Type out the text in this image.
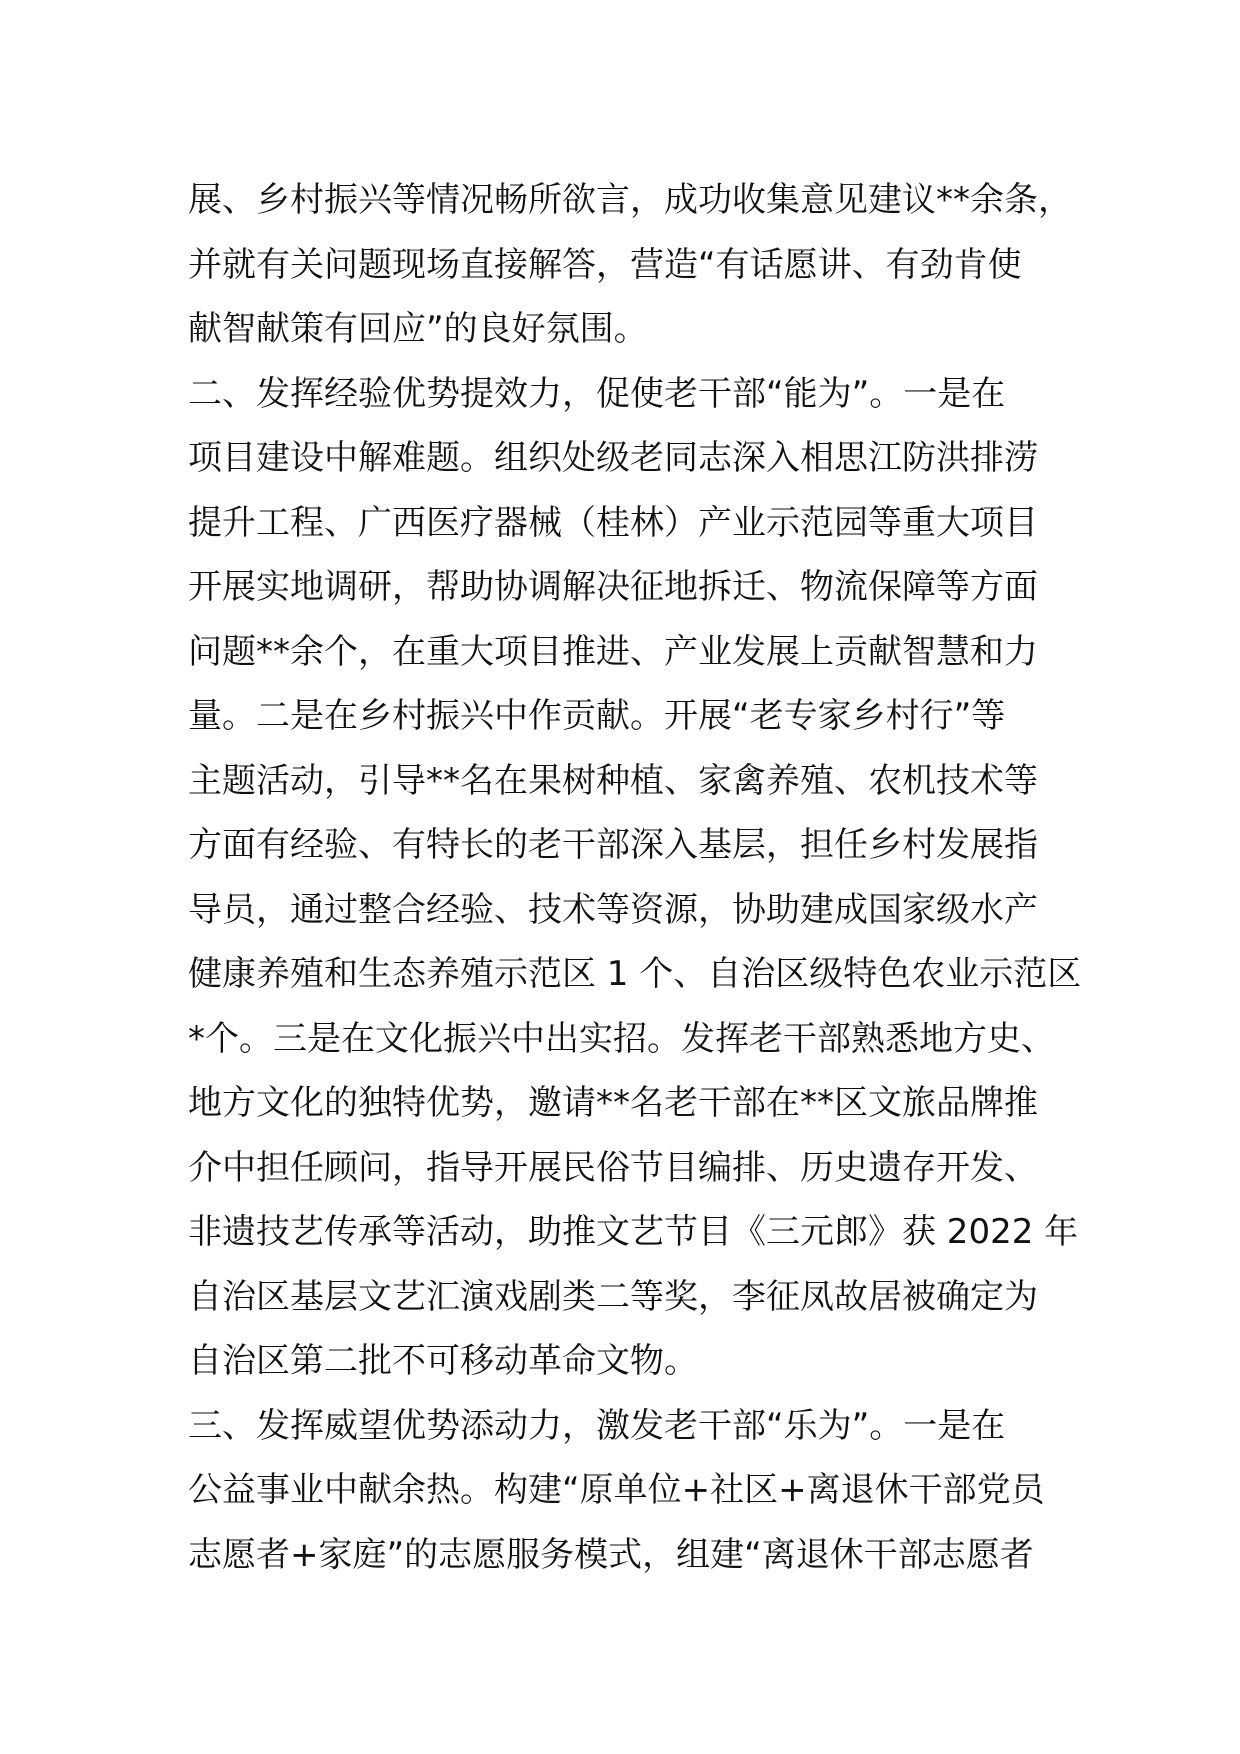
展、乡村振兴等情况畅所欲言，成功收集意见建议**余条，
并就有关问题现场直接解答，营造“有话愿讲、有劲肯使
献智献策有回应”的良好氛围。
二、发挥经验优势提效力，促使老干部“能为”。一是在
项目建设中解难题。组织处级老同志深入相思江防洪排涝
提升工程、广西医疗器械（桂林）产业示范园等重大项目
开展实地调研，帮助协调解决征地拆迁、物流保障等方面
问题**余个，在重大项目推进、产业发展上贡献智慧和力
量。二是在乡村振兴中作贡献。开展“老专家乡村行”等
主题活动，引导**名在果树种植、家禽养殖、农机技术等
方面有经验、有特长的老干部深入基层，担任乡村发展指
导员，通过整合经验、技术等资源，协助建成国家级水产
健康养殖和生态养殖示范区 1 个、自治区级特色农业示范区
*个。三是在文化振兴中出实招。发挥老干部熟悉地方史、
地方文化的独特优势，邀请**名老干部在**区文旅品牌推
介中担任顾问，指导开展民俗节目编排、历史遗存开发、
非遗技艺传承等活动，助推文艺节目《三元郎》获 2022 年
自治区基层文艺汇演戏剧类二等奖，李征凤故居被确定为
自治区第二批不可移动革命文物。
三、发挥威望优势添动力，激发老干部“乐为”。一是在
公益事业中献余热。构建“原单位+社区+离退休干部党员
志愿者+家庭”的志愿服务模式，组建“离退休干部志愿者
